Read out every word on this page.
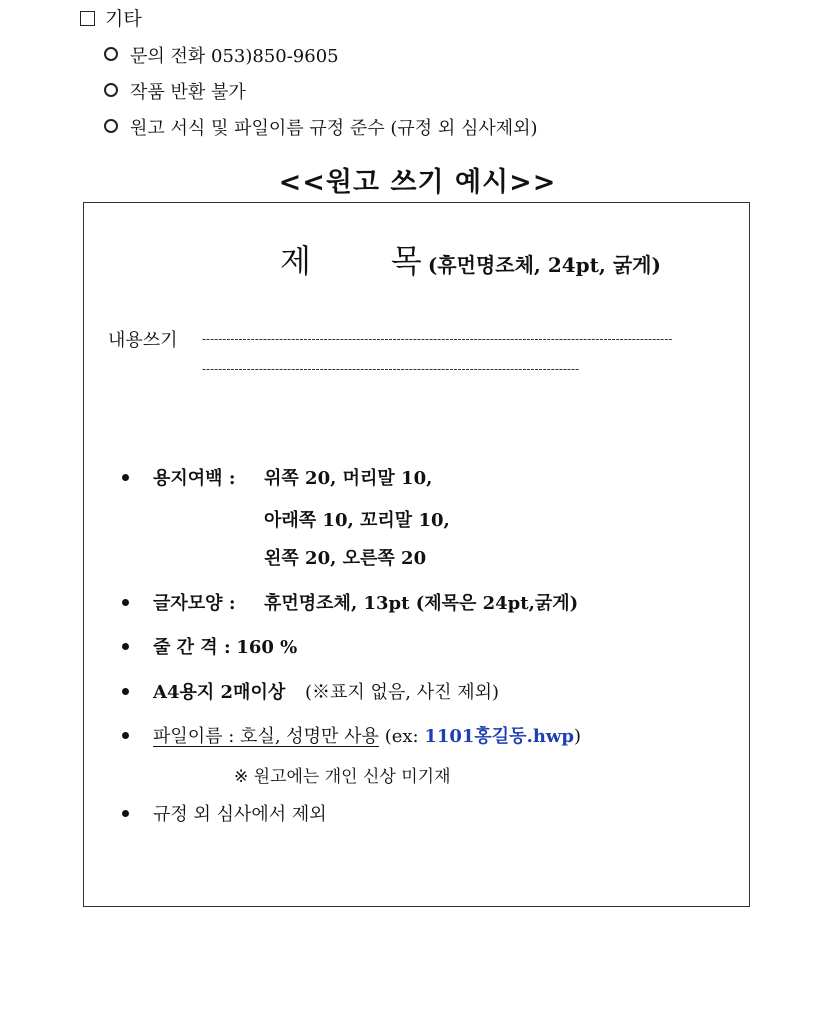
기타
문의 전화 053)850-9605
작품 반환 불가
원고 서식 및 파일이름 규정 준수 (규정 외 심사제외)
<<원고 쓰기 예시>>
제	목 (휴먼명조체, 24pt, 굵게)
내용쓰기 --------------------------------------------------------------------------------------------------------------------
---------------------------------------------------------------------------------------------
용지여백 : 위쪽 20, 머리말 10,
아래쪽 10, 꼬리말 10,
왼쪽 20, 오른쪽 20
글자모양 : 휴먼명조체, 13pt (제목은 24pt,굵게)
줄 간 격 : 160 %
A4용지 2매이상 (※표지 없음, 사진 제외)
파일이름 : 호실, 성명만 사용 (ex: 1101홍길동.hwp)
※ 원고에는 개인 신상 미기재
규정 외 심사에서 제외
